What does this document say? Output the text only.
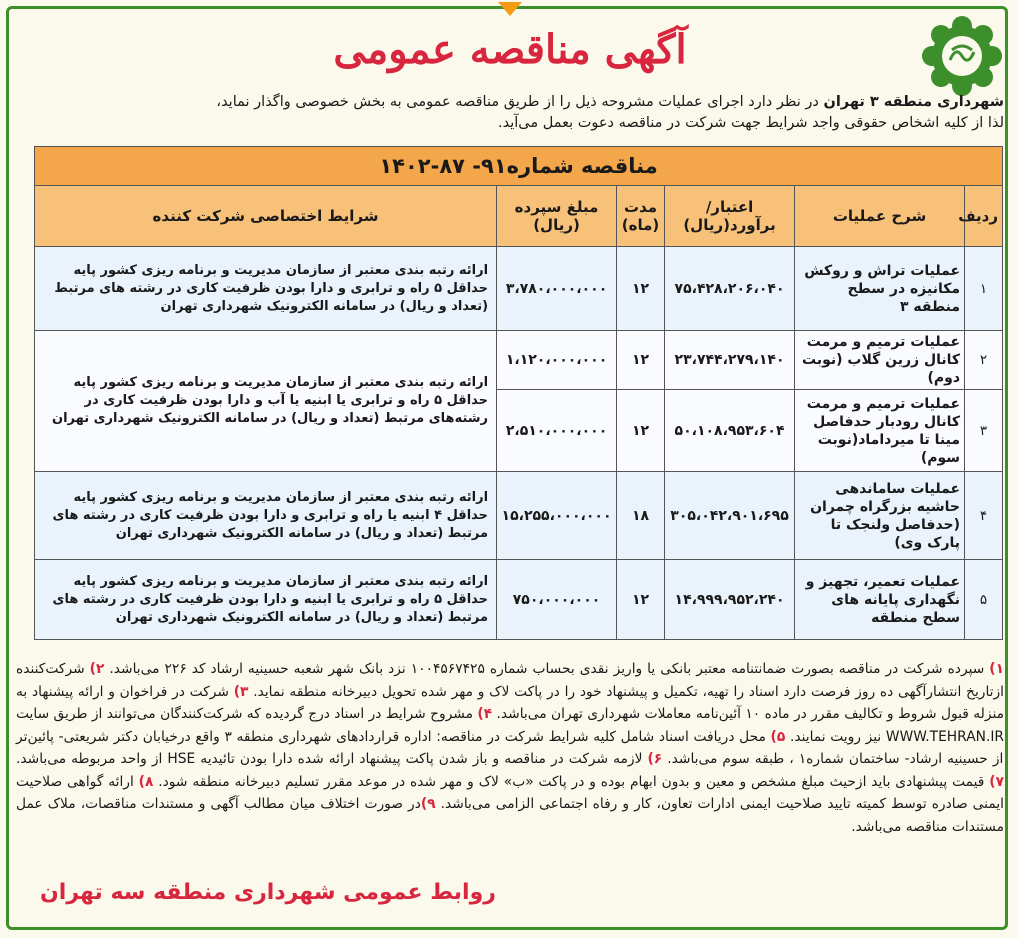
آگهی مناقصه عمومی
شهرداری منطقه ۳ تهران در نظر دارد اجرای عملیات مشروحه ذیل را از طریق مناقصه عمومی به بخش خصوصی واگذار نماید،
لذا از کلیه اشخاص حقوقی واجد شرایط جهت شرکت در مناقصه دعوت بعمل می‌آید.
مناقصه شماره۹۱- ۸۷-۱۴۰۲					
ردیف	شرح عملیات	اعتبار/ برآورد(ریال)	مدت (ماه)	مبلغ سپرده (ریال)	شرایط اختصاصی شرکت کننده
۱	عملیات تراش و روکش مکانیزه در سطح منطقه ۳	۷۵،۴۲۸،۲۰۶،۰۴۰	۱۲	۳،۷۸۰،۰۰۰،۰۰۰	ارائه رتبه بندی معتبر از سازمان مدیریت و برنامه ریزی کشور پایه حداقل ۵ راه و ترابری و دارا بودن ظرفیت کاری در رشته های مرتبط (تعداد و ریال) در سامانه الکترونیک شهرداری تهران
۲	عملیات ترمیم و مرمت کانال زرین گلاب (نوبت دوم)	۲۳،۷۴۴،۲۷۹،۱۴۰	۱۲	۱،۱۲۰،۰۰۰،۰۰۰	ارائه رتبه بندی معتبر از سازمان مدیریت و برنامه ریزی کشور پایه حداقل ۵ راه و ترابری یا ابنیه یا آب و دارا بودن ظرفیت کاری در رشته‌های مرتبط (تعداد و ریال) در سامانه الکترونیک شهرداری تهران
۳	عملیات ترمیم و مرمت کانال رودبار حدفاصل مینا تا میرداماد(نوبت سوم)	۵۰،۱۰۸،۹۵۳،۶۰۴	۱۲	۲،۵۱۰،۰۰۰،۰۰۰	
۴	عملیات ساماندهی حاشیه بزرگراه چمران (حدفاصل ولنجک تا پارک وی)	۳۰۵،۰۴۲،۹۰۱،۶۹۵	۱۸	۱۵،۲۵۵،۰۰۰،۰۰۰	ارائه رتبه بندی معتبر از سازمان مدیریت و برنامه ریزی کشور پایه حداقل ۴ ابنیه یا راه و ترابری و دارا بودن ظرفیت کاری در رشته های مرتبط (تعداد و ریال) در سامانه الکترونیک شهرداری تهران
۵	عملیات تعمیر، تجهیز و نگهداری پایانه های سطح منطقه	۱۴،۹۹۹،۹۵۲،۲۴۰	۱۲	۷۵۰،۰۰۰،۰۰۰	ارائه رتبه بندی معتبر از سازمان مدیریت و برنامه ریزی کشور پایه حداقل ۵ راه و ترابری یا ابنیه و دارا بودن ظرفیت کاری در رشته های مرتبط (تعداد و ریال) در سامانه الکترونیک شهرداری تهران
۱) سپرده شرکت در مناقصه بصورت ضمانتنامه معتبر بانکی یا واریز نقدی بحساب شماره ۱۰۰۴۵۶۷۴۲۵ نزد بانک شهر شعبه حسینیه ارشاد کد ۲۲۶ می‌باشد. ۲) شرکت‌کننده ازتاریخ انتشارآگهی ده روز فرصت دارد اسناد را تهیه، تکمیل و پیشنهاد خود را در پاکت لاک و مهر شده تحویل دبیرخانه منطقه نماید. ۳) شرکت در فراخوان و ارائه پیشنهاد به منزله قبول شروط و تکالیف مقرر در ماده ۱۰ آئین‌نامه معاملات شهرداری تهران می‌باشد. ۴) مشروح شرایط در اسناد درج گردیده که شرکت‌کنندگان می‌توانند از طریق سایت WWW.TEHRAN.IR نیز رویت نمایند. ۵) محل دریافت اسناد شامل کلیه شرایط شرکت در مناقصه: اداره قراردادهای شهرداری منطقه ۳ واقع درخیابان دکتر شریعتی- پائین‌تر از حسینیه ارشاد- ساختمان شماره۱ ، طبقه سوم می‌باشد. ۶) لازمه شرکت در مناقصه و باز شدن پاکت پیشنهاد ارائه شده دارا بودن تائیدیه HSE از واحد مربوطه می‌باشد. ۷) قیمت پیشنهادی باید ازحیث مبلغ مشخص و معین و بدون ابهام بوده و در پاکت «ب» لاک و مهر شده در موعد مقرر تسلیم دبیرخانه منطقه شود. ۸) ارائه گواهی صلاحیت ایمنی صادره توسط کمیته تایید صلاحیت ایمنی ادارات تعاون، کار و رفاه اجتماعی الزامی می‌باشد. ۹)در صورت اختلاف میان مطالب آگهی و مستندات مناقصات، ملاک عمل مستندات مناقصه می‌باشد.
روابط عمومی شهرداری منطقه سه تهران
